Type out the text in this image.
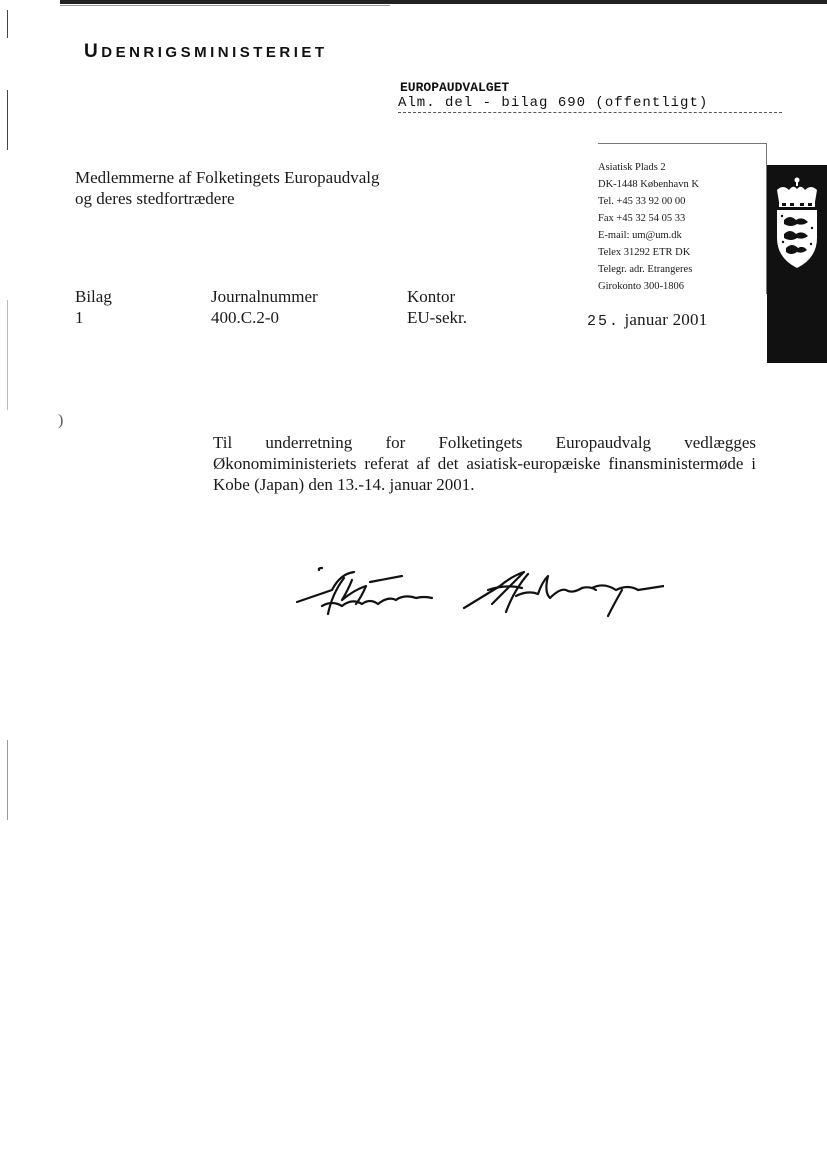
UDENRIGSMINISTERIET
EUROPAUDVALGET
Alm. del - bilag 690 (offentligt)
Medlemmerne af Folketingets Europaudvalg
og deres stedfortrædere
Asiatisk Plads 2
DK-1448 København K
Tel. +45 33 92 00 00
Fax +45 32 54 05 33
E-mail: um@um.dk
Telex 31292 ETR DK
Telegr. adr. Etrangeres
Girokonto 300-1806
Bilag
1
Journalnummer
400.C.2-0
Kontor
EU-sekr.	25. januar 2001
)
Til underretning for Folketingets Europaudvalg vedlægges Økonomiministeriets referat af det asiatisk-europæiske finansministermøde i Kobe (Japan) den 13.-14. januar 2001.
